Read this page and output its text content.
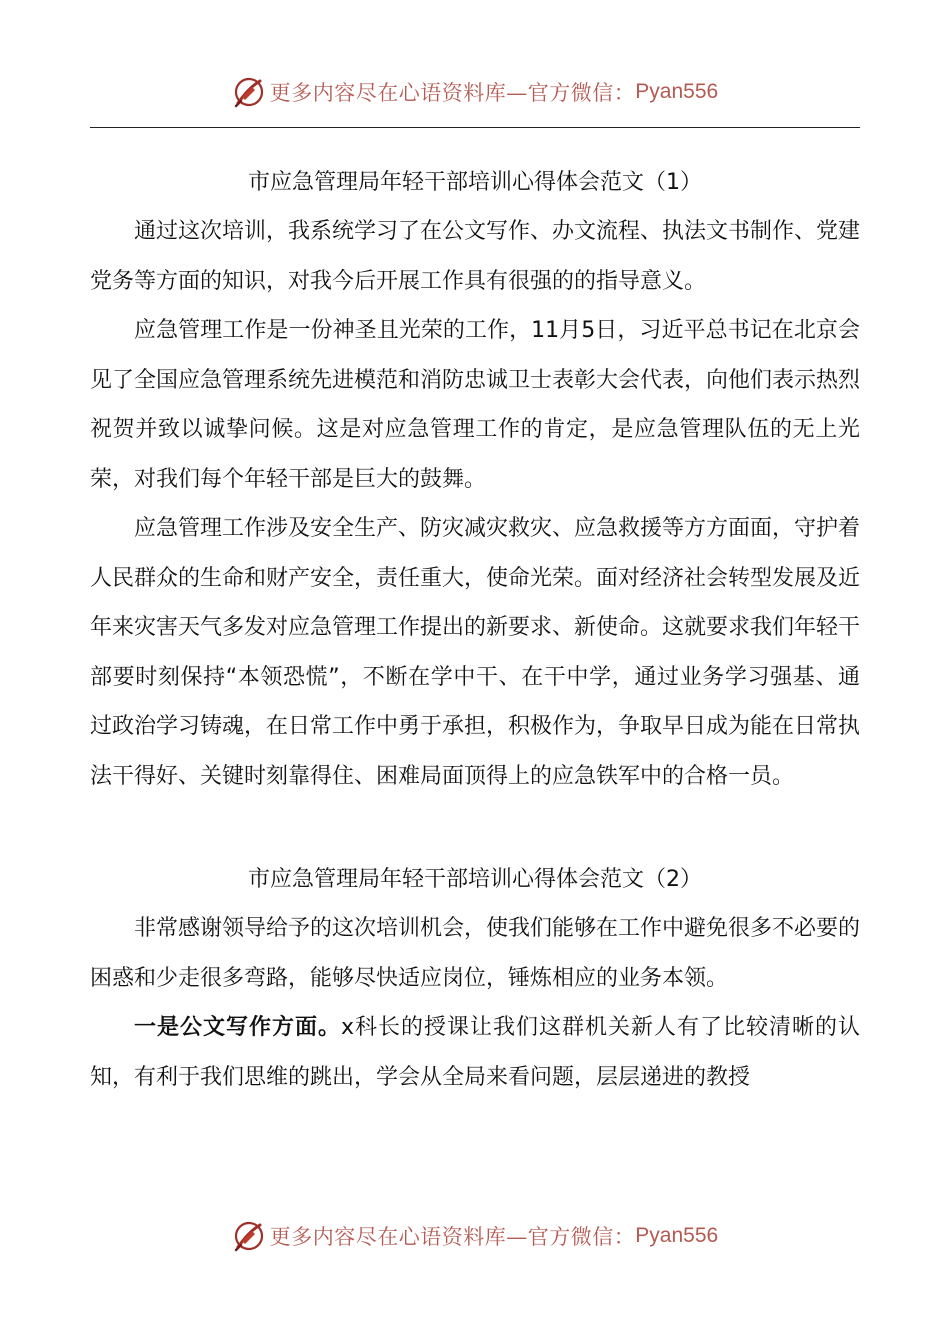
更多内容尽在心语资料库—官方微信： Pyan556

市应急管理局年轻干部培训心得体会范文（1）

通过这次培训，我系统学习了在公文写作、办文流程、执法文书制作、党建党务等方面的知识，对我今后开展工作具有很强的的指导意义。

应急管理工作是一份神圣且光荣的工作，11月5日，习近平总书记在北京会见了全国应急管理系统先进模范和消防忠诚卫士表彰大会代表，向他们表示热烈祝贺并致以诚挚问候。这是对应急管理工作的肯定，是应急管理队伍的无上光荣，对我们每个年轻干部是巨大的鼓舞。

应急管理工作涉及安全生产、防灾减灾救灾、应急救援等方方面面，守护着人民群众的生命和财产安全，责任重大，使命光荣。面对经济社会转型发展及近年来灾害天气多发对应急管理工作提出的新要求、新使命。这就要求我们年轻干部要时刻保持“本领恐慌”，不断在学中干、在干中学，通过业务学习强基、通过政治学习铸魂，在日常工作中勇于承担，积极作为，争取早日成为能在日常执法干得好、关键时刻靠得住、困难局面顶得上的应急铁军中的合格一员。

市应急管理局年轻干部培训心得体会范文（2）

非常感谢领导给予的这次培训机会，使我们能够在工作中避免很多不必要的困惑和少走很多弯路，能够尽快适应岗位，锤炼相应的业务本领。

一是公文写作方面。x科长的授课让我们这群机关新人有了比较清晰的认知，有利于我们思维的跳出，学会从全局来看问题，层层递进的教授

更多内容尽在心语资料库—官方微信： Pyan556
